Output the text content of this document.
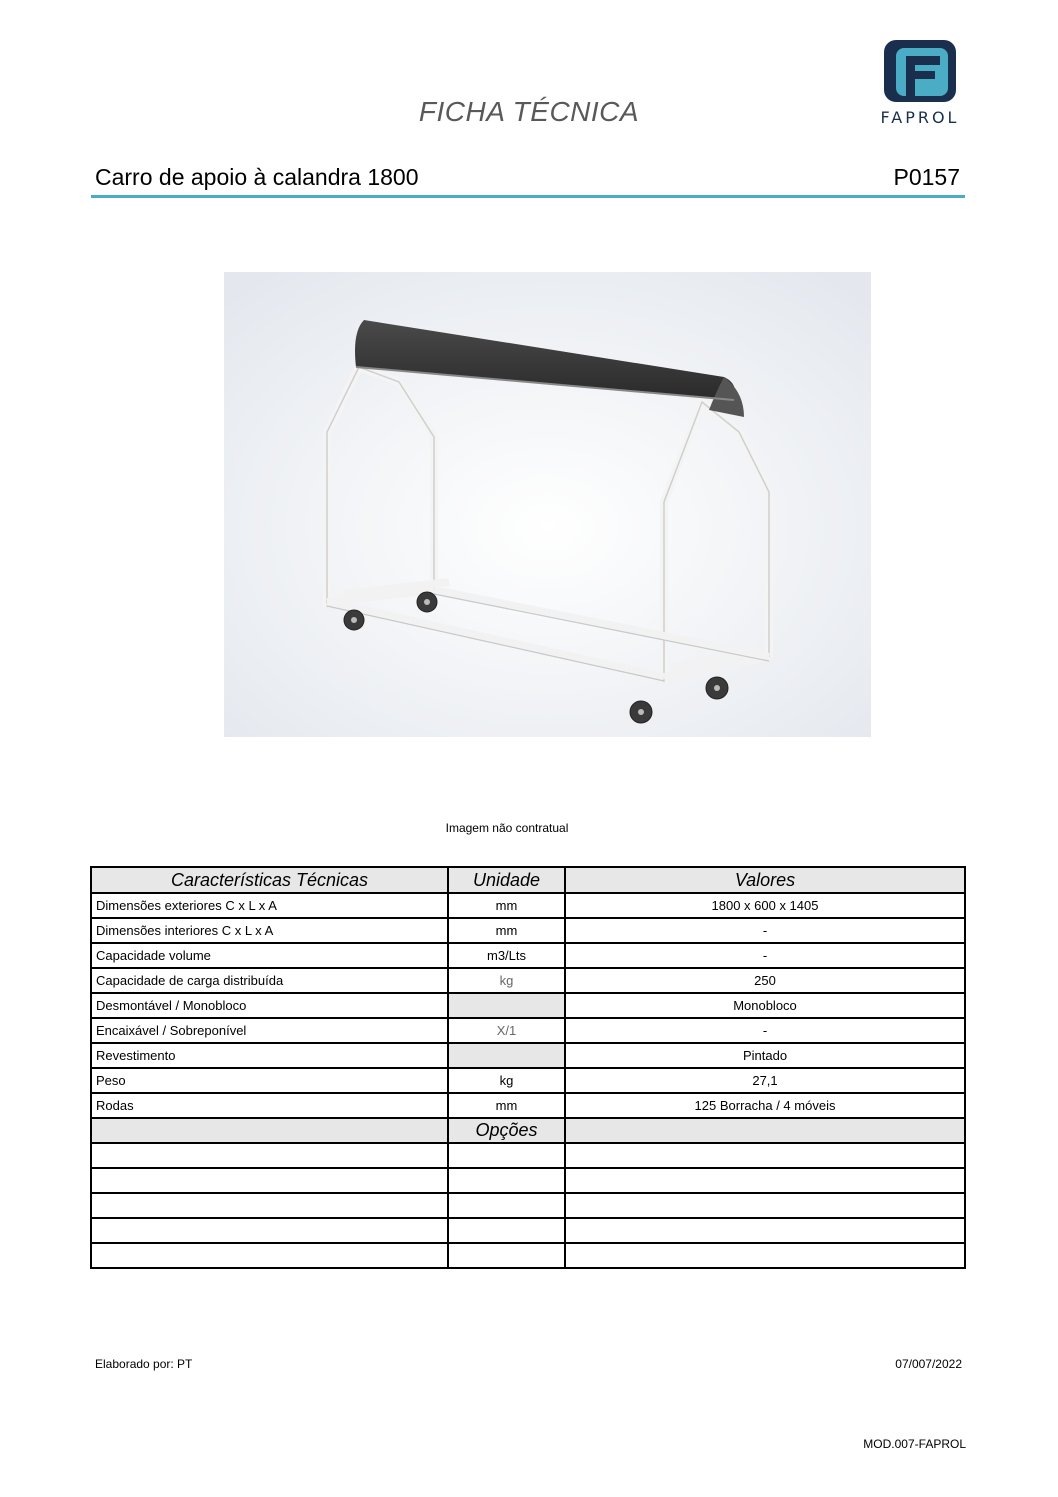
FAPROL
FICHA TÉCNICA
Carro de apoio à calandra 1800	P0157
Imagem não contratual
Características Técnicas	Unidade	Valores
Dimensões exteriores C x L x A	mm	1800 x 600 x 1405
Dimensões interiores C x L x A	mm	-
Capacidade volume	m3/Lts	-
Capacidade de carga distribuída	kg	250
Desmontável / Monobloco		Monobloco
Encaixável / Sobreponível	X/1	-
Revestimento		Pintado
Peso	kg	27,1
Rodas	mm	125 Borracha / 4 móveis
	Opções	

Elaborado por: PT	07/007/2022
MOD.007-FAPROL
